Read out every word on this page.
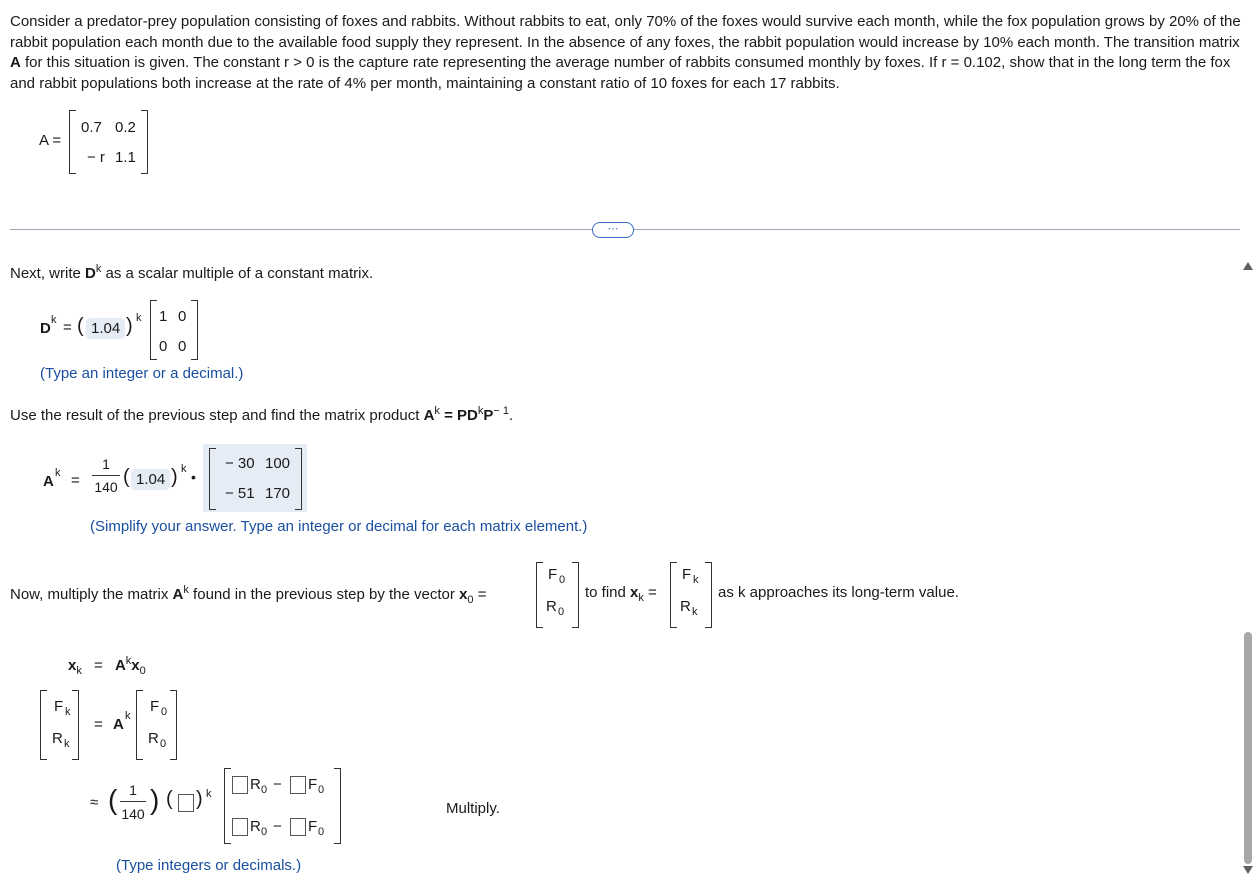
Consider a predator-prey population consisting of foxes and rabbits. Without rabbits to eat, only 70% of the foxes would survive each month, while the fox population grows by 20% of the rabbit population each month due to the available food supply they represent. In the absence of any foxes, the rabbit population would increase by 10% each month. The transition matrix A for this situation is given. The constant r > 0 is the capture rate representing the average number of rabbits consumed monthly by foxes. If r = 0.102, show that in the long term the fox and rabbit populations both increase at the rate of 4% per month, maintaining a constant ratio of 10 foxes for each 17 rabbits.
A =
0.7 0.2
− r 1.1
⋯
Next, write $D^k$ as a scalar multiple of a constant matrix.
D k = ( 1.04 ) k 1 0
0 0
(Type an integer or a decimal.)
Use the result of the previous step and find the matrix product $A^k = PD^kP^{- 1}$.
A k =
1
140 ( 1.04 ) k •
− 30 100
− 51 170
(Simplify your answer. Type an integer or decimal for each matrix element.)
Now, multiply the matrix $A^k$ found in the previous step by the vector $x_0$ =
F 0
R 0
to find $x_k$ =
F k
R k
as k approaches its long-term value.
$x_k = A^kx_0$
F k
R k
= A k
F 0
R 0
≈ ( 1
140 ) ( ) k
R 0 − F 0
R 0 − F 0
Multiply.
(Type integers or decimals.)
